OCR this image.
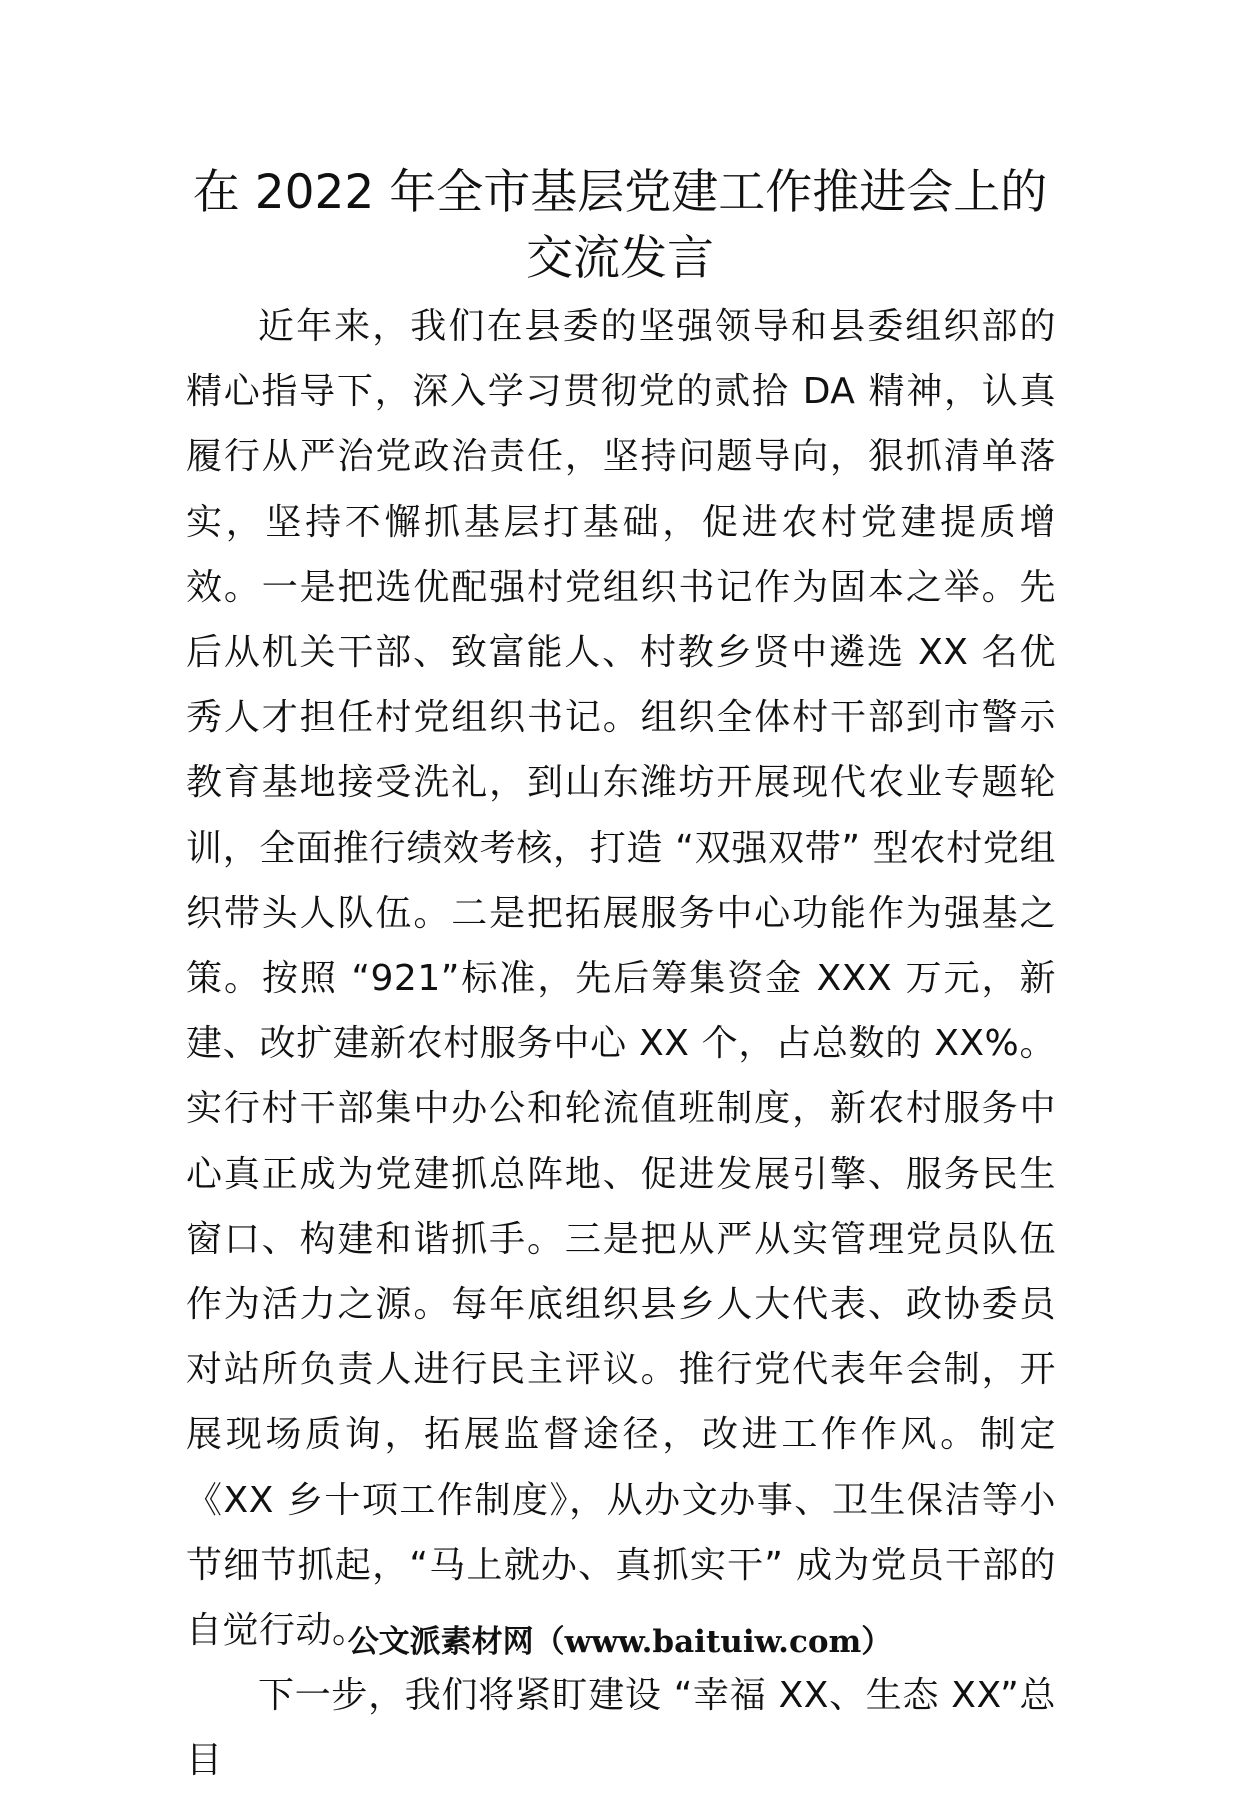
在 2022 年全市基层党建工作推进会上的
交流发言

近年来，我们在县委的坚强领导和县委组织部的精心指导下，深入学习贯彻党的贰拾 DA 精神，认真履行从严治党政治责任，坚持问题导向，狠抓清单落实，坚持不懈抓基层打基础，促进农村党建提质增效。一是把选优配强村党组织书记作为固本之举。先后从机关干部、致富能人、村教乡贤中遴选 XX 名优秀人才担任村党组织书记。组织全体村干部到市警示教育基地接受洗礼，到山东潍坊开展现代农业专题轮训，全面推行绩效考核，打造 “双强双带” 型农村党组织带头人队伍。二是把拓展服务中心功能作为强基之策。按照 “921”标准，先后筹集资金 XXX 万元，新建、改扩建新农村服务中心 XX 个，占总数的 XX%。实行村干部集中办公和轮流值班制度，新农村服务中心真正成为党建抓总阵地、促进发展引擎、服务民生窗口、构建和谐抓手。三是把从严从实管理党员队伍作为活力之源。每年底组织县乡人大代表、政协委员对站所负责人进行民主评议。推行党代表年会制，开展现场质询，拓展监督途径，改进工作作风。制定《XX 乡十项工作制度》，从办文办事、卫生保洁等小节细节抓起，“马上就办、真抓实干” 成为党员干部的自觉行动。

下一步，我们将紧盯建设 “幸福 XX、生态 XX”总目

公文派素材网（www.baituiw.com）
